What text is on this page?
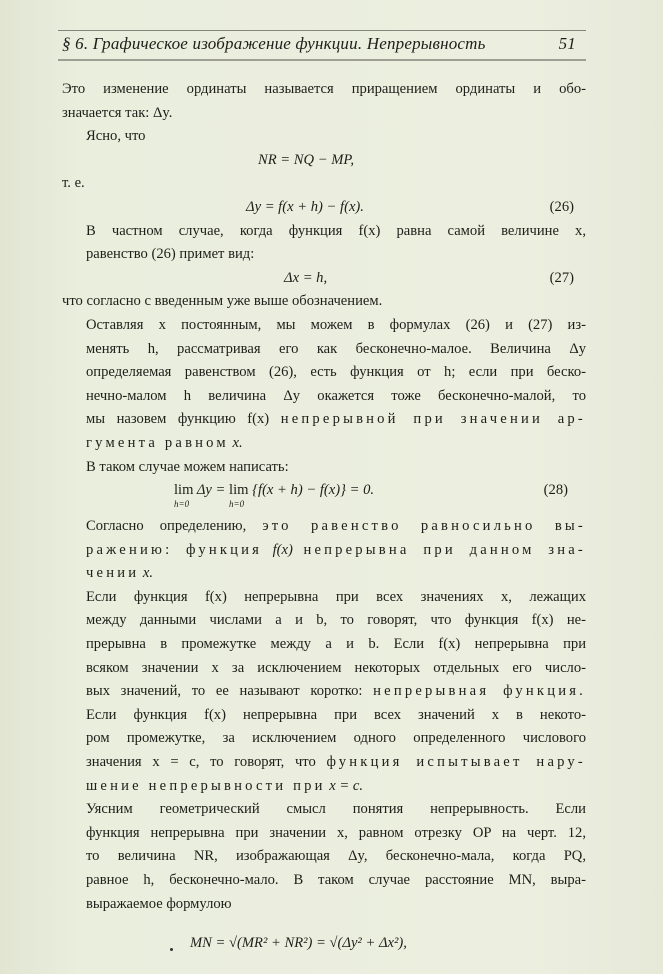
§ 6. Графическое изображение функции. Непрерывность	51

Это изменение ординаты называется приращением ординаты и обо-
значается так: Δy.

Ясно, что

NR = NQ − MP,

т. е.

Δy = f(x + h) − f(x).	(26)

В частном случае, когда функция f(x) равна самой величине x,
равенство (26) примет вид:

Δx = h,	(27)

что согласно с введенным уже выше обозначением.

Оставляя x постоянным, мы можем в формулах (26) и (27) из-
менять h, рассматривая его как бесконечно-малое. Величина Δy
определяемая равенством (26), есть функция от h; если при беско-
нечно-малом h величина Δy окажется тоже бесконечно-малой, то
мы назовем функцию f(x) непрерывной при значении ар-
гумента равном x.

В таком случае можем написать:

lim
h=0
Δy = lim
h=0
{f(x + h) − f(x)} = 0.	(28)

Согласно определению, это равенство равносильно вы-
ражению: функция f(x) непрерывна при данном зна-
чении x.

Если функция f(x) непрерывна при всех значениях x, лежащих
между данными числами a и b, то говорят, что функция f(x) не-
прерывна в промежутке между a и b. Если f(x) непрерывна при
всяком значении x за исключением некоторых отдельных его числo-
вых значений, то ее называют коротко: непрерывная функция.

Если функция f(x) непрерывна при всех значений x в некото-
ром промежутке, за исключением одного определенного числового
значения x = c, то говорят, что функция испытывает нару-
шение непрерывности при x = c.

Уясним геометрический смысл понятия непрерывность. Если
функция непрерывна при значении x, равном отрезку OP на черт. 12,
то величина NR, изображающая Δy, бесконечно-мала, когда PQ,
равное h, бесконечно-мало. В таком случае расстояние MN, выра-
выражаемое формулою

MN = √(MR² + NR²) = √(Δy² + Δx²),
